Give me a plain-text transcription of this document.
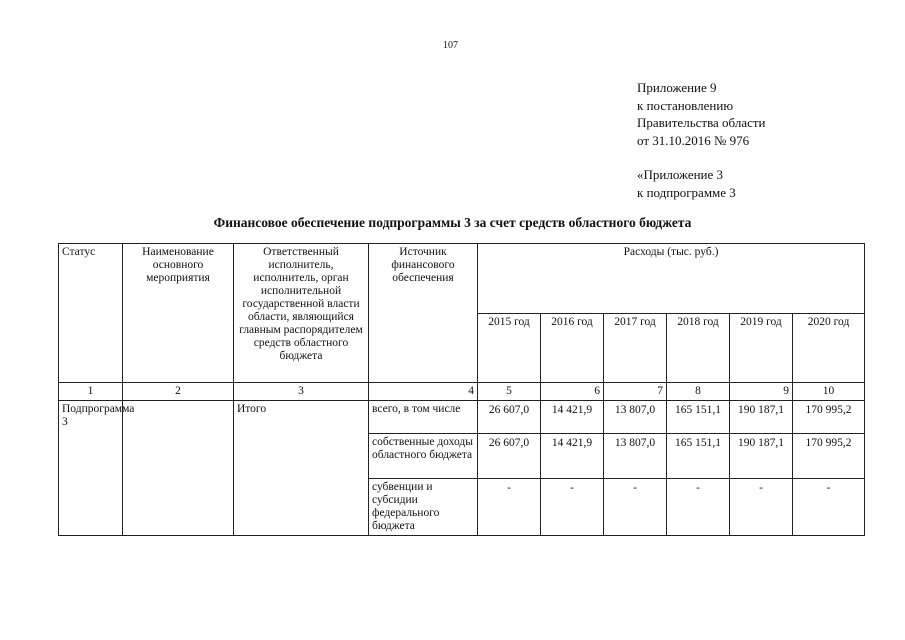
107
Приложение 9
к постановлению
Правительства области
от 31.10.2016 № 976
«Приложение 3
к подпрограмме 3
Финансовое обеспечение подпрограммы 3 за счет средств областного бюджета
Статус	Наименование основного мероприятия	Ответственный исполнитель, исполнитель, орган исполнительной государственной власти области, являющийся главным распорядителем средств областного бюджета	Источник финансового обеспечения	Расходы (тыс. руб.)					
				2015 год	2016 год	2017 год	2018 год	2019 год	2020 год
1	2	3	4	5	6	7	8	9	10
Подпрограмма 3		Итого	всего, в том числе	26 607,0	14 421,9	13 807,0	165 151,1	190 187,1	170 995,2
			собственные доходы областного бюджета	26 607,0	14 421,9	13 807,0	165 151,1	190 187,1	170 995,2
			субвенции и субсидии федерального бюджета	-	-	-	-	-	-
